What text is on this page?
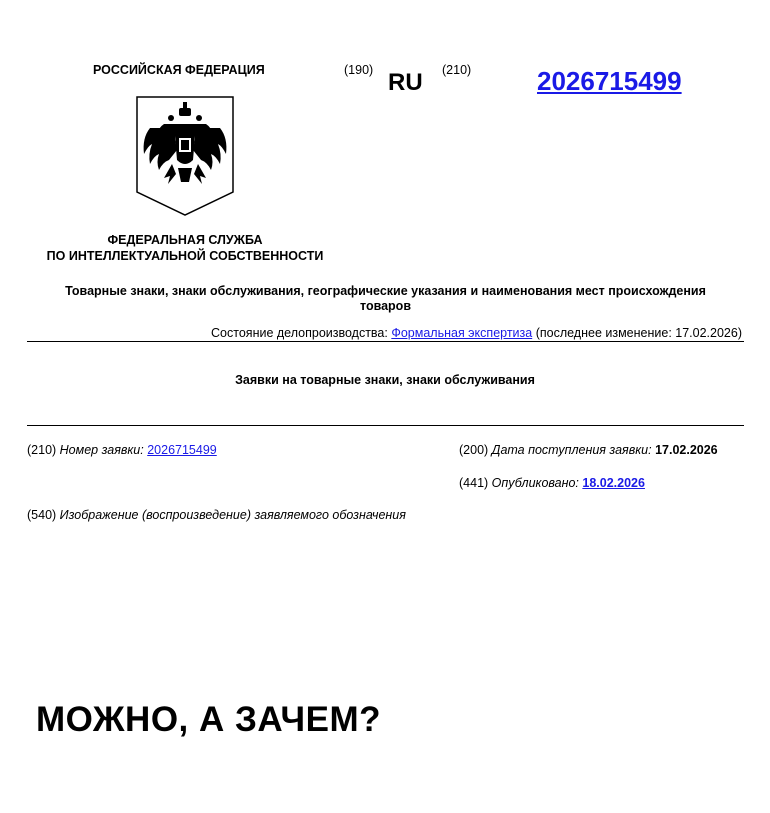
РОССИЙСКАЯ ФЕДЕРАЦИЯ	(190) RU (210)	2026715499
ФЕДЕРАЛЬНАЯ СЛУЖБА
ПО ИНТЕЛЛЕКТУАЛЬНОЙ СОБСТВЕННОСТИ
Товарные знаки, знаки обслуживания, географические указания и наименования мест происхождения товаров
Состояние делопроизводства: Формальная экспертиза (последнее изменение: 17.02.2026)
Заявки на товарные знаки, знаки обслуживания
(210) Номер заявки: 2026715499	(200) Дата поступления заявки: 17.02.2026
(441) Опубликовано: 18.02.2026
(540) Изображение (воспроизведение) заявляемого обозначения
МОЖНО, А ЗАЧЕМ?
